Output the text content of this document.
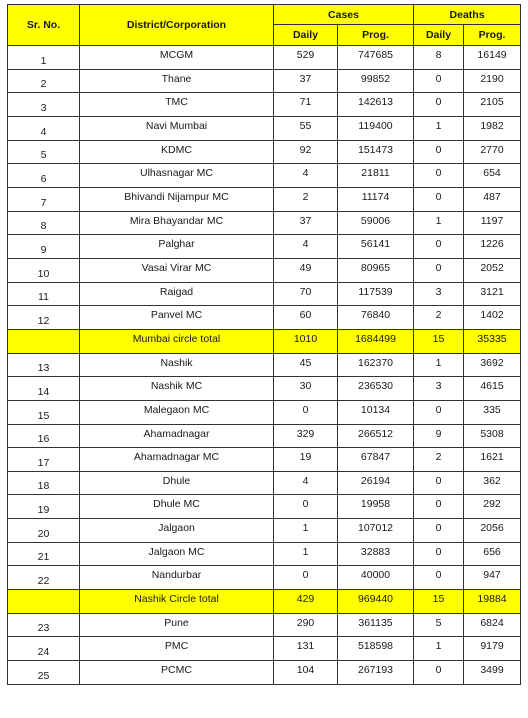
Sr. No.	District/Corporation	Cases		Deaths	
		Daily	Prog.	Daily	Prog.
1	MCGM	529	747685	8	16149
2	Thane	37	99852	0	2190
3	TMC	71	142613	0	2105
4	Navi Mumbai	55	119400	1	1982
5	KDMC	92	151473	0	2770
6	Ulhasnagar MC	4	21811	0	654
7	Bhivandi Nijampur MC	2	11174	0	487
8	Mira Bhayandar MC	37	59006	1	1197
9	Palghar	4	56141	0	1226
10	Vasai Virar MC	49	80965	0	2052
11	Raigad	70	117539	3	3121
12	Panvel MC	60	76840	2	1402
	Mumbai circle total	1010	1684499	15	35335
13	Nashik	45	162370	1	3692
14	Nashik MC	30	236530	3	4615
15	Malegaon MC	0	10134	0	335
16	Ahamadnagar	329	266512	9	5308
17	Ahamadnagar MC	19	67847	2	1621
18	Dhule	4	26194	0	362
19	Dhule MC	0	19958	0	292
20	Jalgaon	1	107012	0	2056
21	Jalgaon MC	1	32883	0	656
22	Nandurbar	0	40000	0	947
	Nashik Circle total	429	969440	15	19884
23	Pune	290	361135	5	6824
24	PMC	131	518598	1	9179
25	PCMC	104	267193	0	3499
